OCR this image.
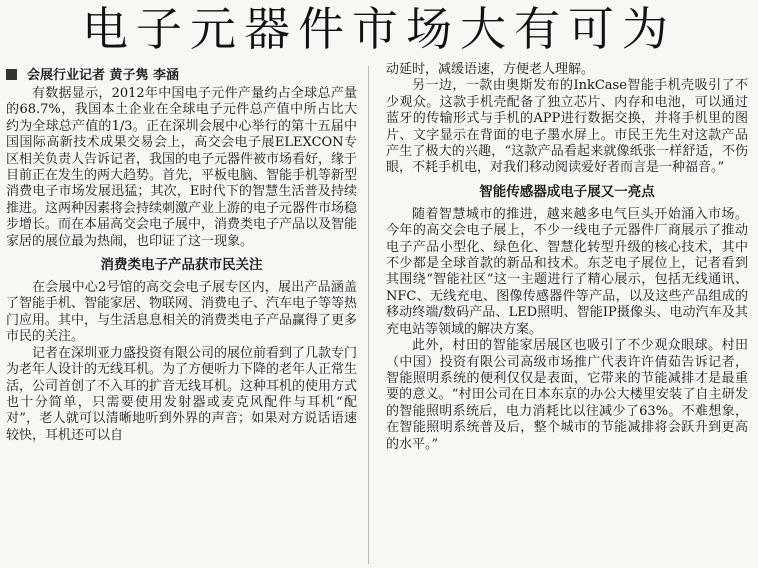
电子元器件市场大有可为
会展行业记者 黄子隽 李涵

有数据显示，2012年中国电子元件产量约占全球总产量的68.7%，我国本土企业在全球电子元件总产值中所占比大约为全球总产值的1/3。正在深圳会展中心举行的第十五届中国国际高新技术成果交易会上，高交会电子展ELEXCON专区相关负责人告诉记者，我国的电子元器件被市场看好，缘于目前正在发生的两大趋势。首先，平板电脑、智能手机等新型消费电子市场发展迅猛；其次，E时代下的智慧生活普及持续推进。这两种因素将会持续刺激产业上游的电子元器件市场稳步增长。而在本届高交会电子展中，消费类电子产品以及智能家居的展位最为热闹，也印证了这一现象。

消费类电子产品获市民关注

在会展中心2号馆的高交会电子展专区内，展出产品涵盖了智能手机、智能家居、物联网、消费电子、汽车电子等等热门应用。其中，与生活息息相关的消费类电子产品赢得了更多市民的关注。

记者在深圳亚力盛投资有限公司的展位前看到了几款专门为老年人设计的无线耳机。为了方便听力下降的老年人正常生活，公司首创了不入耳的扩音无线耳机。这种耳机的使用方式也十分简单，只需要使用发射器或麦克风配件与耳机“配对”，老人就可以清晰地听到外界的声音；如果对方说话语速较快，耳机还可以自

动延时，减缓语速，方便老人理解。

另一边，一款由奥斯发布的InkCase智能手机壳吸引了不少观众。这款手机壳配备了独立芯片、内存和电池，可以通过蓝牙的传输形式与手机的APP进行数据交换，并将手机里的图片、文字显示在背面的电子墨水屏上。市民王先生对这款产品产生了极大的兴趣，“这款产品看起来就像纸张一样舒适，不伤眼，不耗手机电，对我们移动阅读爱好者而言是一种福音。”

智能传感器成电子展又一亮点

随着智慧城市的推进，越来越多电气巨头开始涌入市场。今年的高交会电子展上，不少一线电子元器件厂商展示了推动电子产品小型化、绿色化、智慧化转型升级的核心技术，其中不少都是全球首款的新品和技术。东芝电子展位上，记者看到其围绕“智能社区”这一主题进行了精心展示，包括无线通讯、NFC、无线充电、图像传感器件等产品，以及这些产品组成的移动终端/数码产品、LED照明、智能IP摄像头、电动汽车及其充电站等领域的解决方案。

此外，村田的智能家居展区也吸引了不少观众眼球。村田（中国）投资有限公司高级市场推广代表许许倩茹告诉记者，智能照明系统的便利仅仅是表面，它带来的节能减排才是最重要的意义。“村田公司在日本东京的办公大楼里安装了自主研发的智能照明系统后，电力消耗比以往减少了63%。不难想象，在智能照明系统普及后，整个城市的节能减排将会跃升到更高的水平。”
